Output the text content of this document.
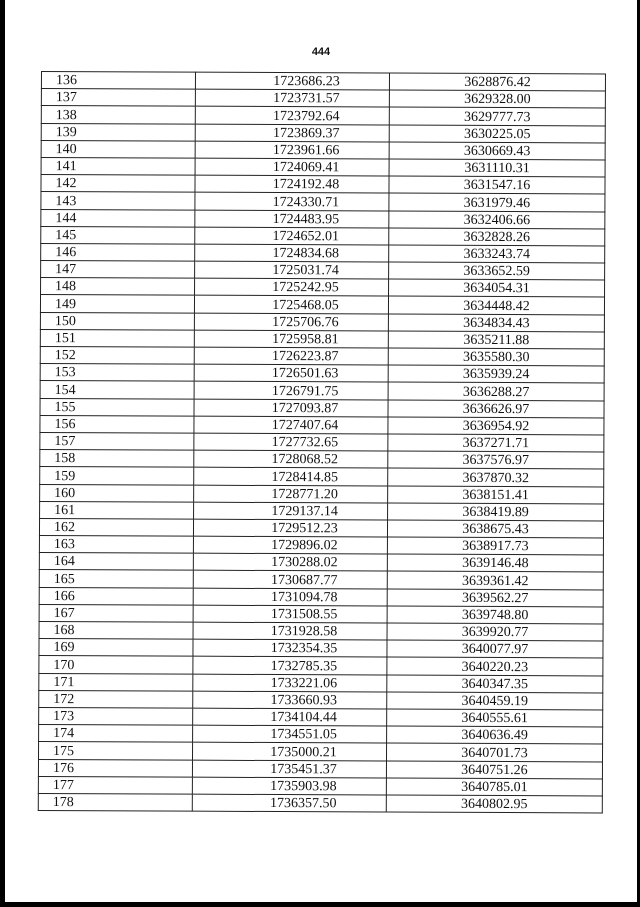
444
136	1723686.23	3628876.42
137	1723731.57	3629328.00
138	1723792.64	3629777.73
139	1723869.37	3630225.05
140	1723961.66	3630669.43
141	1724069.41	3631110.31
142	1724192.48	3631547.16
143	1724330.71	3631979.46
144	1724483.95	3632406.66
145	1724652.01	3632828.26
146	1724834.68	3633243.74
147	1725031.74	3633652.59
148	1725242.95	3634054.31
149	1725468.05	3634448.42
150	1725706.76	3634834.43
151	1725958.81	3635211.88
152	1726223.87	3635580.30
153	1726501.63	3635939.24
154	1726791.75	3636288.27
155	1727093.87	3636626.97
156	1727407.64	3636954.92
157	1727732.65	3637271.71
158	1728068.52	3637576.97
159	1728414.85	3637870.32
160	1728771.20	3638151.41
161	1729137.14	3638419.89
162	1729512.23	3638675.43
163	1729896.02	3638917.73
164	1730288.02	3639146.48
165	1730687.77	3639361.42
166	1731094.78	3639562.27
167	1731508.55	3639748.80
168	1731928.58	3639920.77
169	1732354.35	3640077.97
170	1732785.35	3640220.23
171	1733221.06	3640347.35
172	1733660.93	3640459.19
173	1734104.44	3640555.61
174	1734551.05	3640636.49
175	1735000.21	3640701.73
176	1735451.37	3640751.26
177	1735903.98	3640785.01
178	1736357.50	3640802.95
